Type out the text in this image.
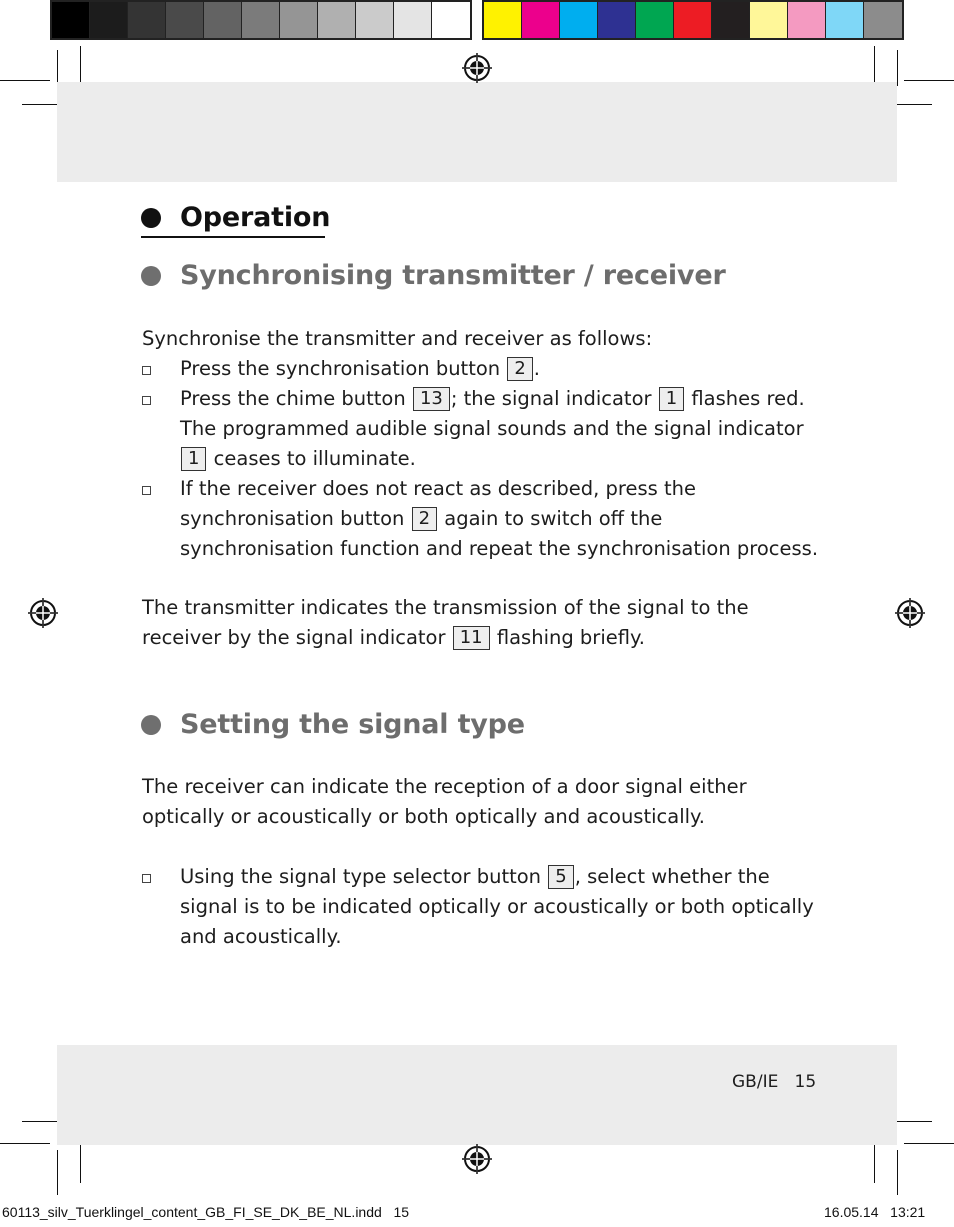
Operation
Synchronising transmitter / receiver
Synchronise the transmitter and receiver as follows:
Press the synchronisation button 2 .
Press the chime button 13 ; the signal indicator 1 flashes red. The programmed audible signal sounds and the signal indicator 1 ceases to illuminate.
If the receiver does not react as described, press the synchronisation button 2 again to switch off the synchronisation function and repeat the synchronisation process.
The transmitter indicates the transmission of the signal to the receiver by the signal indicator 11 flashing briefly.
Setting the signal type
The receiver can indicate the reception of a door signal either optically or acoustically or both optically and acoustically.
Using the signal type selector button 5 , select whether the signal is to be indicated optically or acoustically or both optically and acoustically.
GB/IE 15
60113_silv_Tuerklingel_content_GB_FI_SE_DK_BE_NL.indd 15	16.05.14 13:21
